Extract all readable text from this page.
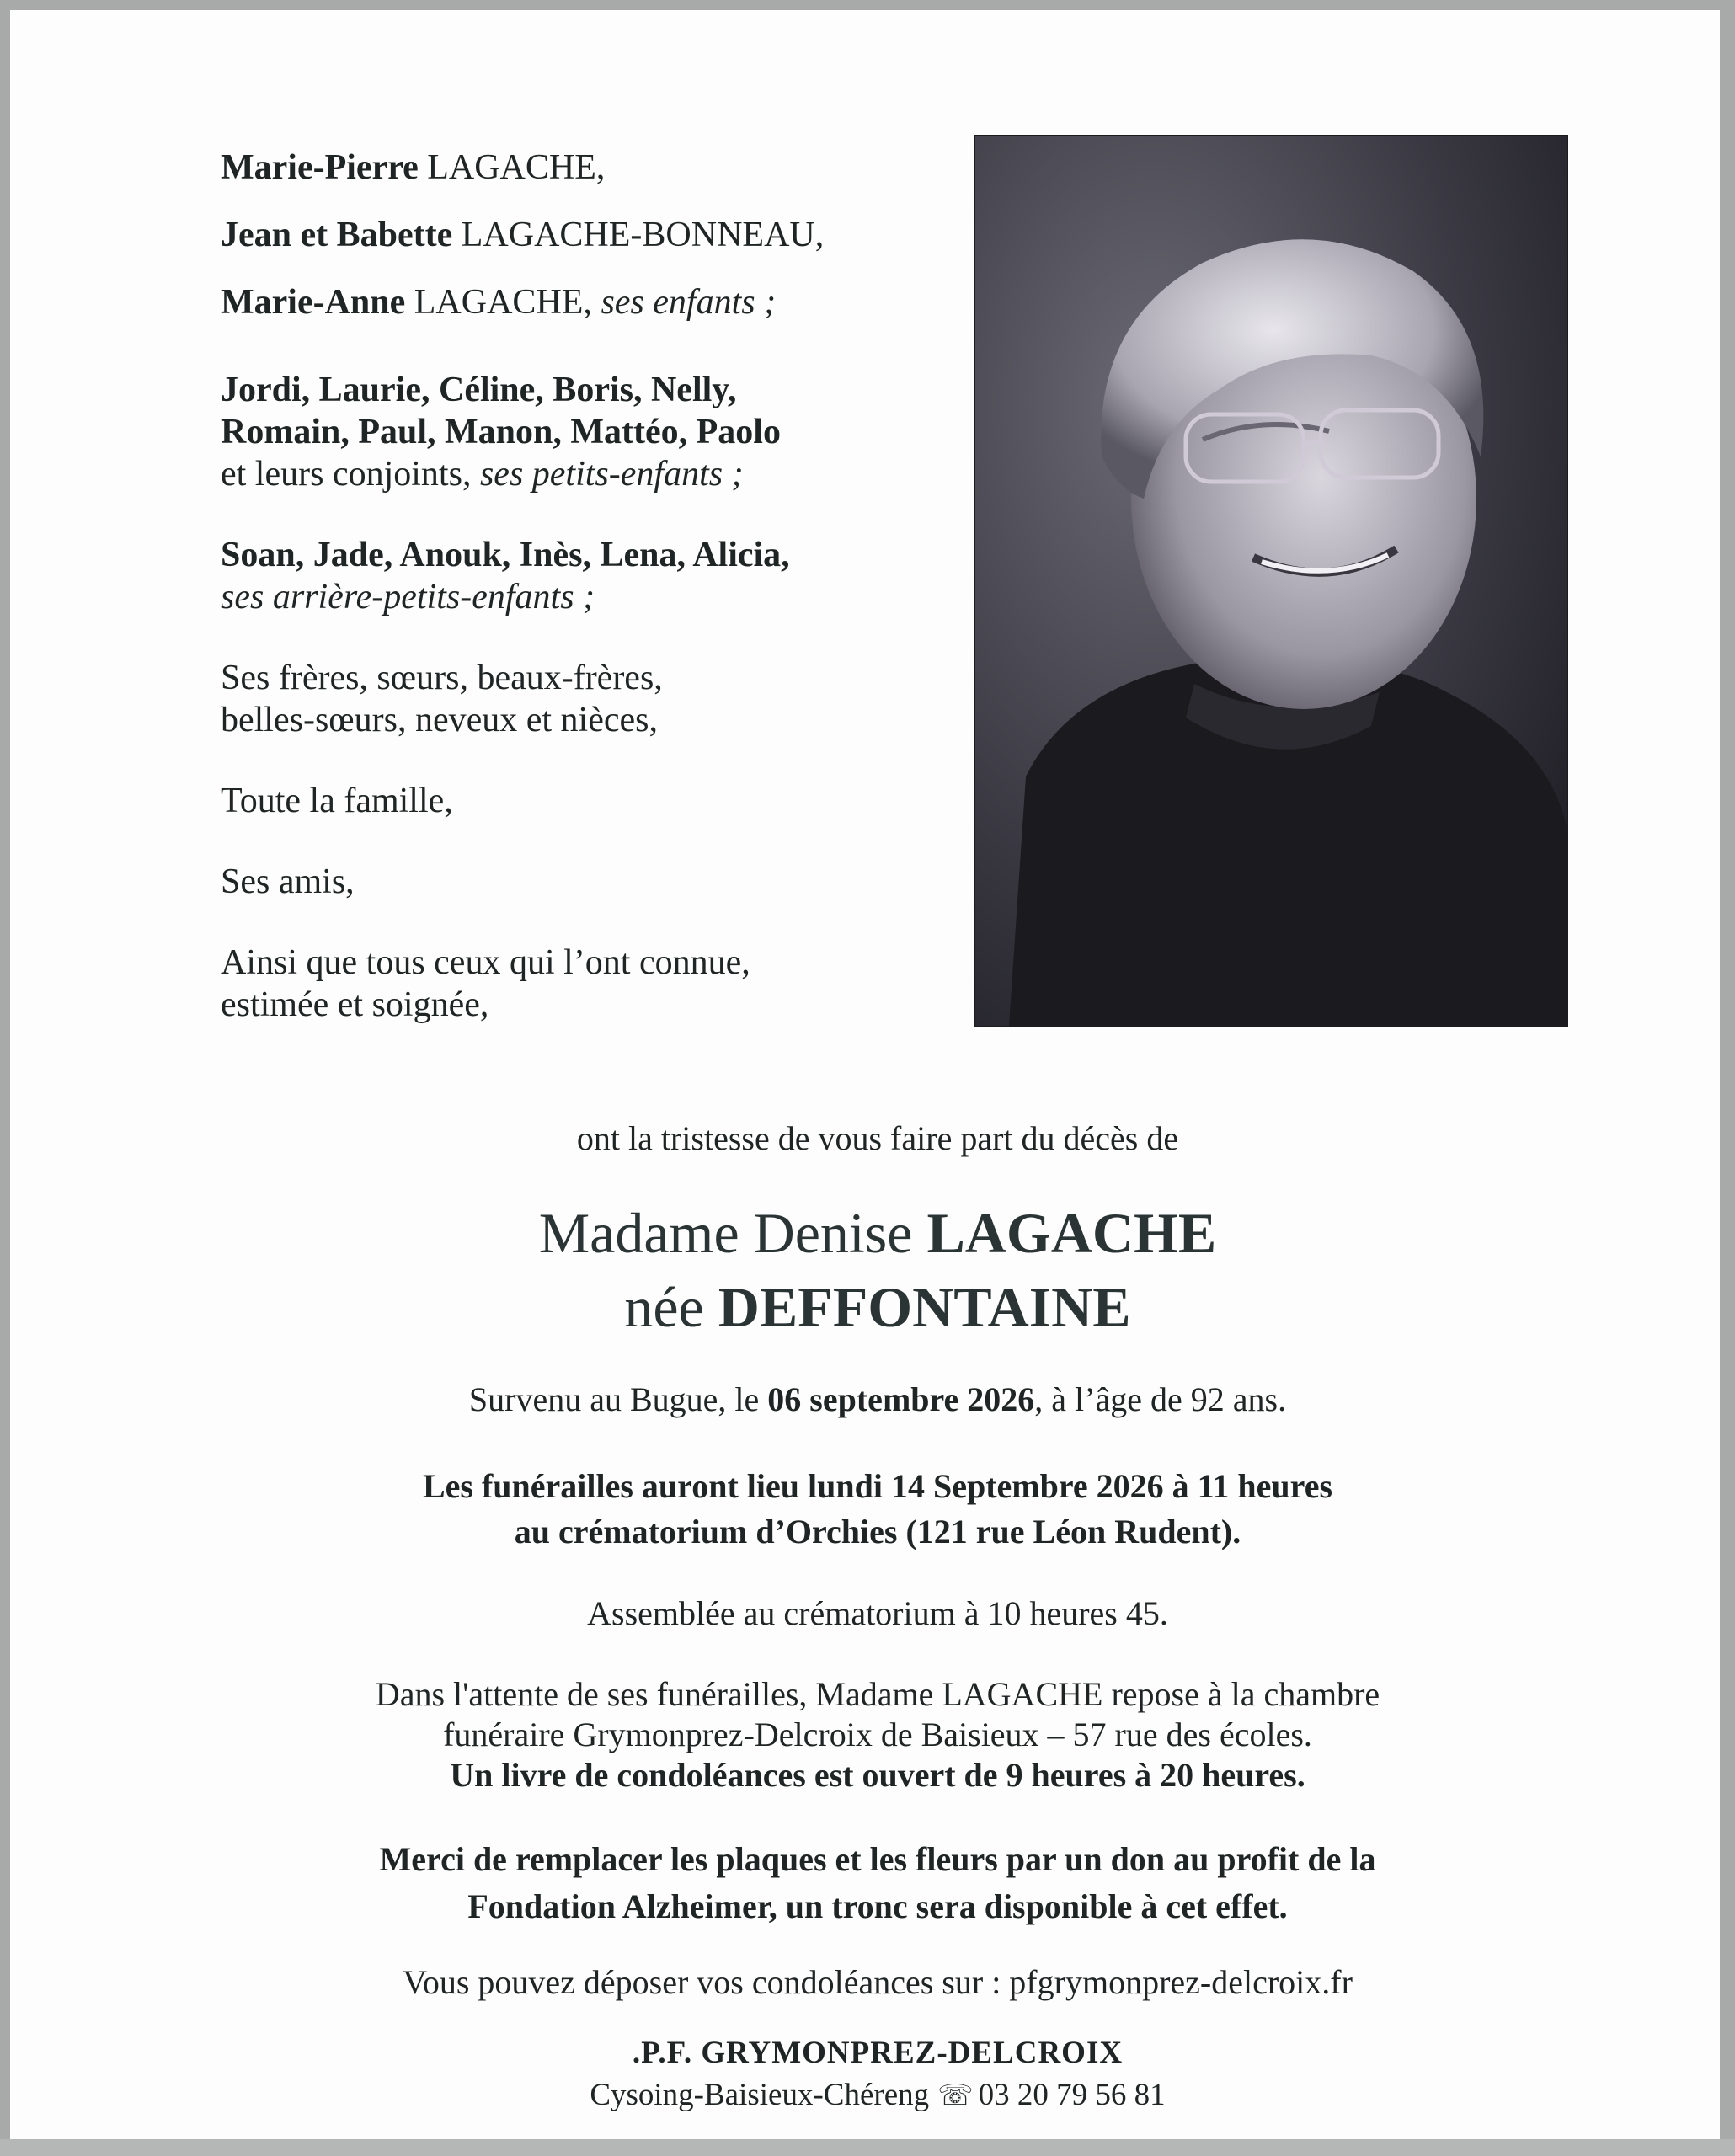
Marie-Pierre LAGACHE,

Jean et Babette LAGACHE-BONNEAU,

Marie-Anne LAGACHE, ses enfants ;

Jordi, Laurie, Céline, Boris, Nelly,

Romain, Paul, Manon, Mattéo, Paolo

et leurs conjoints, ses petits-enfants ;

Soan, Jade, Anouk, Inès, Lena, Alicia,

ses arrière-petits-enfants ;

Ses frères, sœurs, beaux-frères,

belles-sœurs, neveux et nièces,

Toute la famille,

Ses amis,

Ainsi que tous ceux qui l’ont connue,

estimée et soignée,

ont la tristesse de vous faire part du décès de
Madame Denise LAGACHE
née DEFFONTAINE
Survenu au Bugue, le 06 septembre 2026, à l’âge de 92 ans.
Les funérailles auront lieu lundi 14 Septembre 2026 à 11 heures
au crématorium d’Orchies (121 rue Léon Rudent).
Assemblée au crématorium à 10 heures 45.
Dans l'attente de ses funérailles, Madame LAGACHE repose à la chambre
funéraire Grymonprez-Delcroix de Baisieux – 57 rue des écoles.
Un livre de condoléances est ouvert de 9 heures à 20 heures.
Merci de remplacer les plaques et les fleurs par un don au profit de la
Fondation Alzheimer, un tronc sera disponible à cet effet.
Vous pouvez déposer vos condoléances sur : pfgrymonprez-delcroix.fr
.P.F. GRYMONPREZ-DELCROIX
Cysoing-Baisieux-Chéreng ☏ 03 20 79 56 81
